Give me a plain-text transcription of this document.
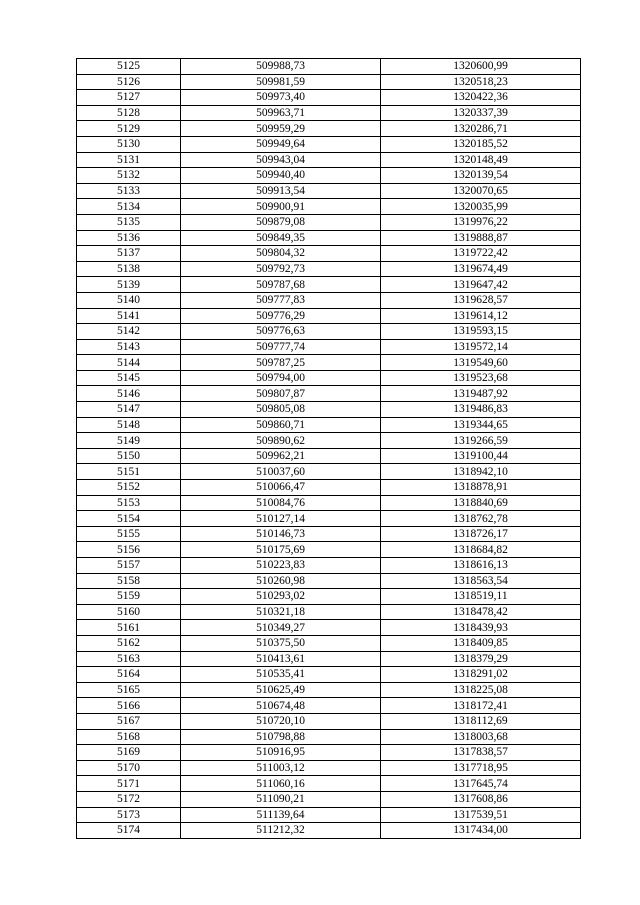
5125	509988,73	1320600,99
5126	509981,59	1320518,23
5127	509973,40	1320422,36
5128	509963,71	1320337,39
5129	509959,29	1320286,71
5130	509949,64	1320185,52
5131	509943,04	1320148,49
5132	509940,40	1320139,54
5133	509913,54	1320070,65
5134	509900,91	1320035,99
5135	509879,08	1319976,22
5136	509849,35	1319888,87
5137	509804,32	1319722,42
5138	509792,73	1319674,49
5139	509787,68	1319647,42
5140	509777,83	1319628,57
5141	509776,29	1319614,12
5142	509776,63	1319593,15
5143	509777,74	1319572,14
5144	509787,25	1319549,60
5145	509794,00	1319523,68
5146	509807,87	1319487,92
5147	509805,08	1319486,83
5148	509860,71	1319344,65
5149	509890,62	1319266,59
5150	509962,21	1319100,44
5151	510037,60	1318942,10
5152	510066,47	1318878,91
5153	510084,76	1318840,69
5154	510127,14	1318762,78
5155	510146,73	1318726,17
5156	510175,69	1318684,82
5157	510223,83	1318616,13
5158	510260,98	1318563,54
5159	510293,02	1318519,11
5160	510321,18	1318478,42
5161	510349,27	1318439,93
5162	510375,50	1318409,85
5163	510413,61	1318379,29
5164	510535,41	1318291,02
5165	510625,49	1318225,08
5166	510674,48	1318172,41
5167	510720,10	1318112,69
5168	510798,88	1318003,68
5169	510916,95	1317838,57
5170	511003,12	1317718,95
5171	511060,16	1317645,74
5172	511090,21	1317608,86
5173	511139,64	1317539,51
5174	511212,32	1317434,00
